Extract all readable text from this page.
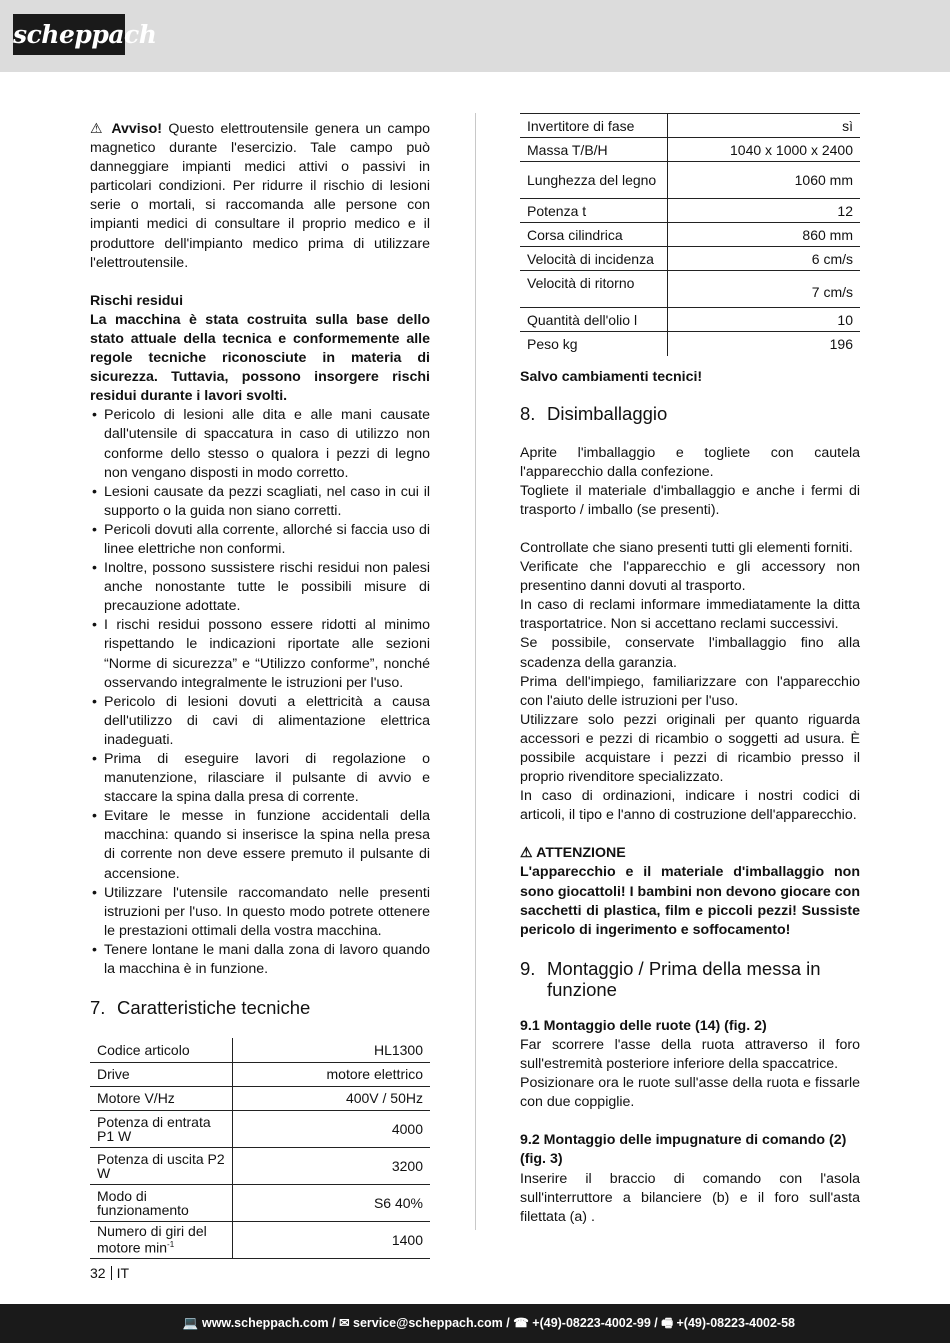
scheppach

⚠ Avviso! Questo elettroutensile genera un campo magnetico durante l'esercizio. Tale campo può danneggiare impianti medici attivi o passivi in particolari condizioni. Per ridurre il rischio di lesioni serie o mortali, si raccomanda alle persone con impianti medici di consultare il proprio medico e il produttore dell'impianto medico prima di utilizzare l'elettroutensile.

Rischi residui

La macchina è stata costruita sulla base dello stato attuale della tecnica e conformemente alle regole tecniche riconosciute in materia di sicurezza. Tuttavia, possono insorgere rischi residui durante i lavori svolti.

• Pericolo di lesioni alle dita e alle mani causate dall'utensile di spaccatura in caso di utilizzo non conforme dello stesso o qualora i pezzi di legno non vengano disposti in modo corretto.
• Lesioni causate da pezzi scagliati, nel caso in cui il supporto o la guida non siano corretti.
• Pericoli dovuti alla corrente, allorché si faccia uso di linee elettriche non conformi.
• Inoltre, possono sussistere rischi residui non palesi anche nonostante tutte le possibili misure di precauzione adottate.
• I rischi residui possono essere ridotti al minimo rispettando le indicazioni riportate alle sezioni “Norme di sicurezza” e “Utilizzo conforme”, nonché osservando integralmente le istruzioni per l'uso.
• Pericolo di lesioni dovuti a elettricità a causa dell'utilizzo di cavi di alimentazione elettrica inadeguati.
• Prima di eseguire lavori di regolazione o manutenzione, rilasciare il pulsante di avvio e staccare la spina dalla presa di corrente.
• Evitare le messe in funzione accidentali della macchina: quando si inserisce la spina nella presa di corrente non deve essere premuto il pulsante di accensione.
• Utilizzare l'utensile raccomandato nelle presenti istruzioni per l'uso. In questo modo potrete ottenere le prestazioni ottimali della vostra macchina.
• Tenere lontane le mani dalla zona di lavoro quando la macchina è in funzione.
7. Caratteristiche tecniche
Codice articolo	HL1300
Drive	motore elettrico
Motore V/Hz	400V / 50Hz
Potenza di entrata P1 W	4000
Potenza di uscita P2 W	3200
Modo di funzionamento	S6 40%
Numero di giri del motore $\min^{-1}$	1400
Invertitore di fase	sì
Massa T/B/H	1040 x 1000 x 2400
Lunghezza del legno	1060 mm
Potenza t	12
Corsa cilindrica	860 mm
Velocità di incidenza	6 cm/s
Velocità di ritorno	7 cm/s
Quantità dell'olio l	10
Peso kg	196

Salvo cambiamenti tecnici!

8. Disimballaggio

Aprite l'imballaggio e togliete con cautela l'apparecchio dalla confezione.

Togliete il materiale d'imballaggio e anche i fermi di trasporto / imballo (se presenti).

Controllate che siano presenti tutti gli elementi forniti.

Verificate che l'apparecchio e gli accessory non presentino danni dovuti al trasporto.

In caso di reclami informare immediatamente la ditta trasportatrice. Non si accettano reclami successivi.

Se possibile, conservate l'imballaggio fino alla scadenza della garanzia.

Prima dell'impiego, familiarizzare con l'apparecchio con l'aiuto delle istruzioni per l'uso.

Utilizzare solo pezzi originali per quanto riguarda accessori e pezzi di ricambio o soggetti ad usura. È possibile acquistare i pezzi di ricambio presso il proprio rivenditore specializzato.

In caso di ordinazioni, indicare i nostri codici di articoli, il tipo e l'anno di costruzione dell'apparecchio.

⚠ ATTENZIONE

L'apparecchio e il materiale d'imballaggio non sono giocattoli! I bambini non devono giocare con sacchetti di plastica, film e piccoli pezzi! Sussiste pericolo di ingerimento e soffocamento!

9. Montaggio / Prima della messa in funzione

9.1 Montaggio delle ruote (14) (fig. 2)

Far scorrere l'asse della ruota attraverso il foro sull'estremità posteriore inferiore della spaccatrice.

Posizionare ora le ruote sull'asse della ruota e fissarle con due coppiglie.

9.2 Montaggio delle impugnature di comando (2) (fig. 3)

Inserire il braccio di comando con l'asola sull'interruttore a bilanciere (b) e il foro sull'asta filettata (a) .

32 IT
💻 www.scheppach.com / ✉ service@scheppach.com / ☎ +(49)-08223-4002-99 / 🖷 +(49)-08223-4002-58
